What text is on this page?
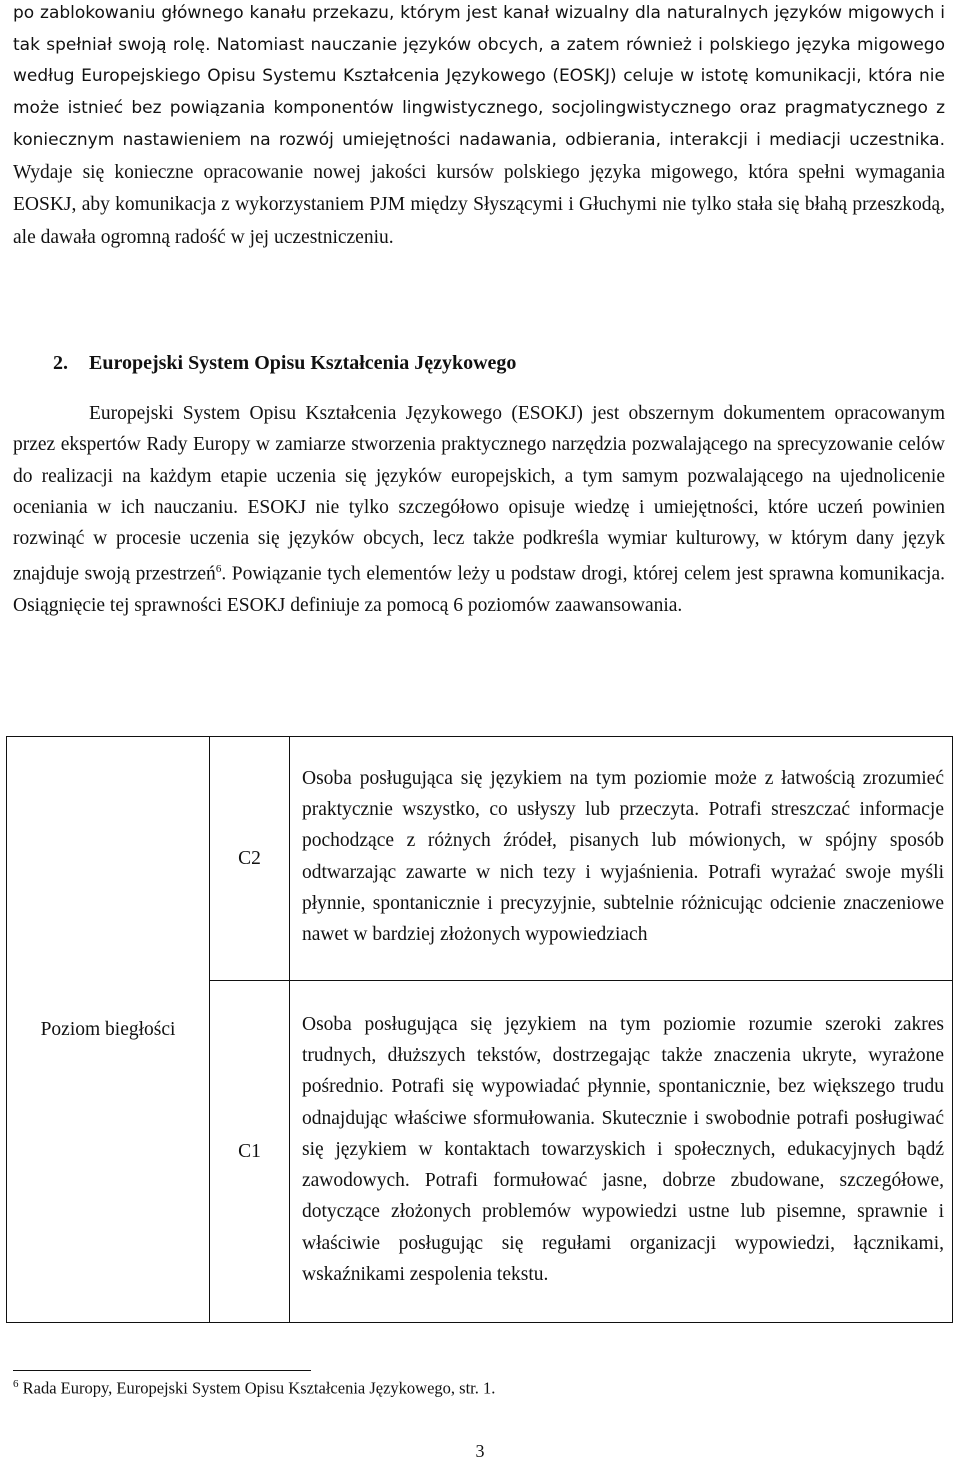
po zablokowaniu głównego kanału przekazu, którym jest kanał wizualny dla naturalnych języków migowych i tak spełniał swoją rolę. Natomiast nauczanie języków obcych, a zatem również i polskiego języka migowego według Europejskiego Opisu Systemu Kształcenia Językowego (EOSKJ) celuje w istotę komunikacji, która nie może istnieć bez powiązania komponentów lingwistycznego, socjolingwistycznego oraz pragmatycznego z koniecznym nastawieniem na rozwój umiejętności nadawania, odbierania, interakcji i mediacji uczestnika. Wydaje się konieczne opracowanie nowej jakości kursów polskiego języka migowego, która spełni wymagania EOSKJ, aby komunikacja z wykorzystaniem PJM między Słyszącymi i Głuchymi nie tylko stała się błahą przeszkodą, ale dawała ogromną radość w jej uczestniczeniu.

2. Europejski System Opisu Kształcenia Językowego

Europejski System Opisu Kształcenia Językowego (ESOKJ) jest obszernym dokumentem opracowanym przez ekspertów Rady Europy w zamiarze stworzenia praktycznego narzędzia pozwalającego na sprecyzowanie celów do realizacji na każdym etapie uczenia się języków europejskich, a tym samym pozwalającego na ujednolicenie oceniania w ich nauczaniu. ESOKJ nie tylko szczegółowo opisuje wiedzę i umiejętności, które uczeń powinien rozwinąć w procesie uczenia się języków obcych, lecz także podkreśla wymiar kulturowy, w którym dany język znajduje swoją przestrzeń$^6$. Powiązanie tych elementów leży u podstaw drogi, której celem jest sprawna komunikacja. Osiągnięcie tej sprawności ESOKJ definiuje za pomocą 6 poziomów zaawansowania.

Poziom biegłości	C2	Osoba posługująca się językiem na tym poziomie może z łatwością zrozumieć praktycznie wszystko, co usłyszy lub przeczyta. Potrafi streszczać informacje pochodzące z różnych źródeł, pisanych lub mówionych, w spójny sposób odtwarzając zawarte w nich tezy i wyjaśnienia. Potrafi wyrażać swoje myśli płynnie, spontanicznie i precyzyjnie, subtelnie różnicując odcienie znaczeniowe nawet w bardziej złożonych wypowiedziach
	C1	Osoba posługująca się językiem na tym poziomie rozumie szeroki zakres trudnych, dłuższych tekstów, dostrzegając także znaczenia ukryte, wyrażone pośrednio. Potrafi się wypowiadać płynnie, spontanicznie, bez większego trudu odnajdując właściwe sformułowania. Skutecznie i swobodnie potrafi posługiwać się językiem w kontaktach towarzyskich i społecznych, edukacyjnych bądź zawodowych. Potrafi formułować jasne, dobrze zbudowane, szczegółowe, dotyczące złożonych problemów wypowiedzi ustne lub pisemne, sprawnie i właściwie posługując się regułami organizacji wypowiedzi, łącznikami, wskaźnikami zespolenia tekstu.

$^6$ Rada Europy, Europejski System Opisu Kształcenia Językowego, str. 1.

3
